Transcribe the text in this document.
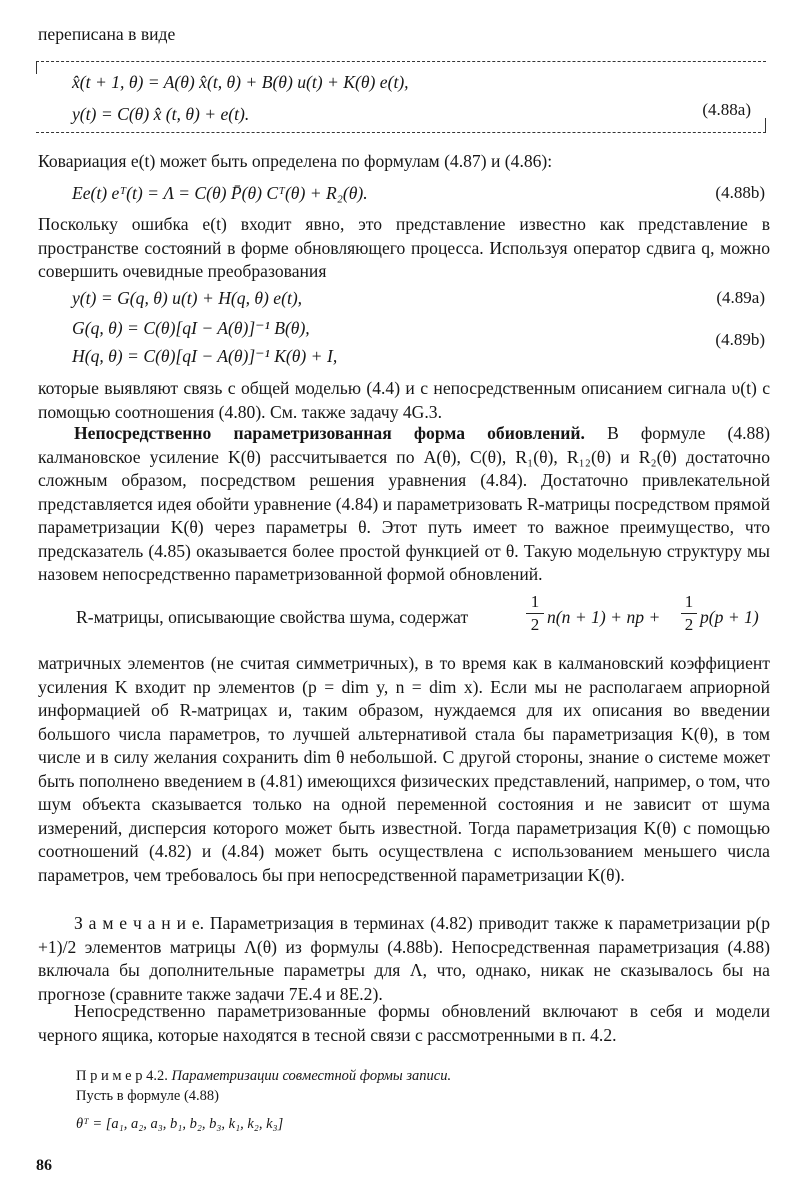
переписана в виде
x̂(t + 1, θ) = A(θ) x̂(t, θ) + B(θ) u(t) + K(θ) e(t),
y(t) = C(θ) x̂ (t, θ) + e(t).	(4.88a)
Ковариация e(t) может быть определена по формулам (4.87) и (4.86):
Ee(t) eᵀ(t) = Λ = C(θ) P̄(θ) Cᵀ(θ) + R₂(θ).	(4.88b)
Поскольку ошибка e(t) входит явно, это представление известно как представление в пространстве состояний в форме обновляющего процесса. Используя оператор сдвига q, можно совершить очевидные преобразования
y(t) = G(q, θ) u(t) + H(q, θ) e(t),	(4.89a)
G(q, θ) = C(θ)[qI − A(θ)]⁻¹ B(θ),
H(q, θ) = C(θ)[qI − A(θ)]⁻¹ K(θ) + I,
(4.89b)
которые выявляют связь с общей моделью (4.4) и с непосредственным описанием сигнала υ(t) с помощью соотношения (4.80). См. также задачу 4G.3.
Непосредственно параметризованная форма обиовлений. В формуле (4.88) калмановское усиление K(θ) рассчитывается по A(θ), C(θ), R₁(θ), R₁₂(θ) и R₂(θ) достаточно сложным образом, посредством решения уравнения (4.84). Достаточно привлекательной представляется идея обойти уравнение (4.84) и параметризовать R-матрицы посредством прямой параметризации K(θ) через параметры θ. Этот путь имеет то важное преимущество, что предсказатель (4.85) оказывается более простой функцией от θ. Такую модельную структуру мы назовем непосредственно параметризованной формой обновлений.
R-матрицы, описывающие свойства шума, содержат
1
2 n(n + 1) + np +
1
2 p(p + 1)
матричных элементов (не считая симметричных), в то время как в калмановский коэффициент усиления K входит np элементов (p = dim y, n = dim x). Если мы не располагаем априорной информацией об R-матрицах и, таким образом, нуждаемся для их описания во введении большого числа параметров, то лучшей альтернативой стала бы параметризация K(θ), в том числе и в силу желания сохранить dim θ небольшой. С другой стороны, знание о системе может быть пополнено введением в (4.81) имеющихся физических представлений, например, о том, что шум объекта сказывается только на одной переменной состояния и не зависит от шума измерений, дисперсия которого может быть известной. Тогда параметризация K(θ) с помощью соотношений (4.82) и (4.84) может быть осуществлена с использованием меньшего числа параметров, чем требовалось бы при непосредственной параметризации K(θ).
З а м е ч а н и е. Параметризация в терминах (4.82) приводит также к параметризации p(p +1)/2 элементов матрицы Λ(θ) из формулы (4.88b). Непосредственная параметризация (4.88) включала бы дополнительные параметры для Λ, что, однако, никак не сказывалось бы на прогнозе (сравните также задачи 7E.4 и 8E.2).
Непосредственно параметризованные формы обновлений включают в себя и модели черного ящика, которые находятся в тесной связи с рассмотренными в п. 4.2.
П р и м е р 4.2. Параметризации совместной формы записи.
Пусть в формуле (4.88)
θᵀ = [a₁, a₂, a₃, b₁, b₂, b₃, k₁, k₂, k₃]
86
